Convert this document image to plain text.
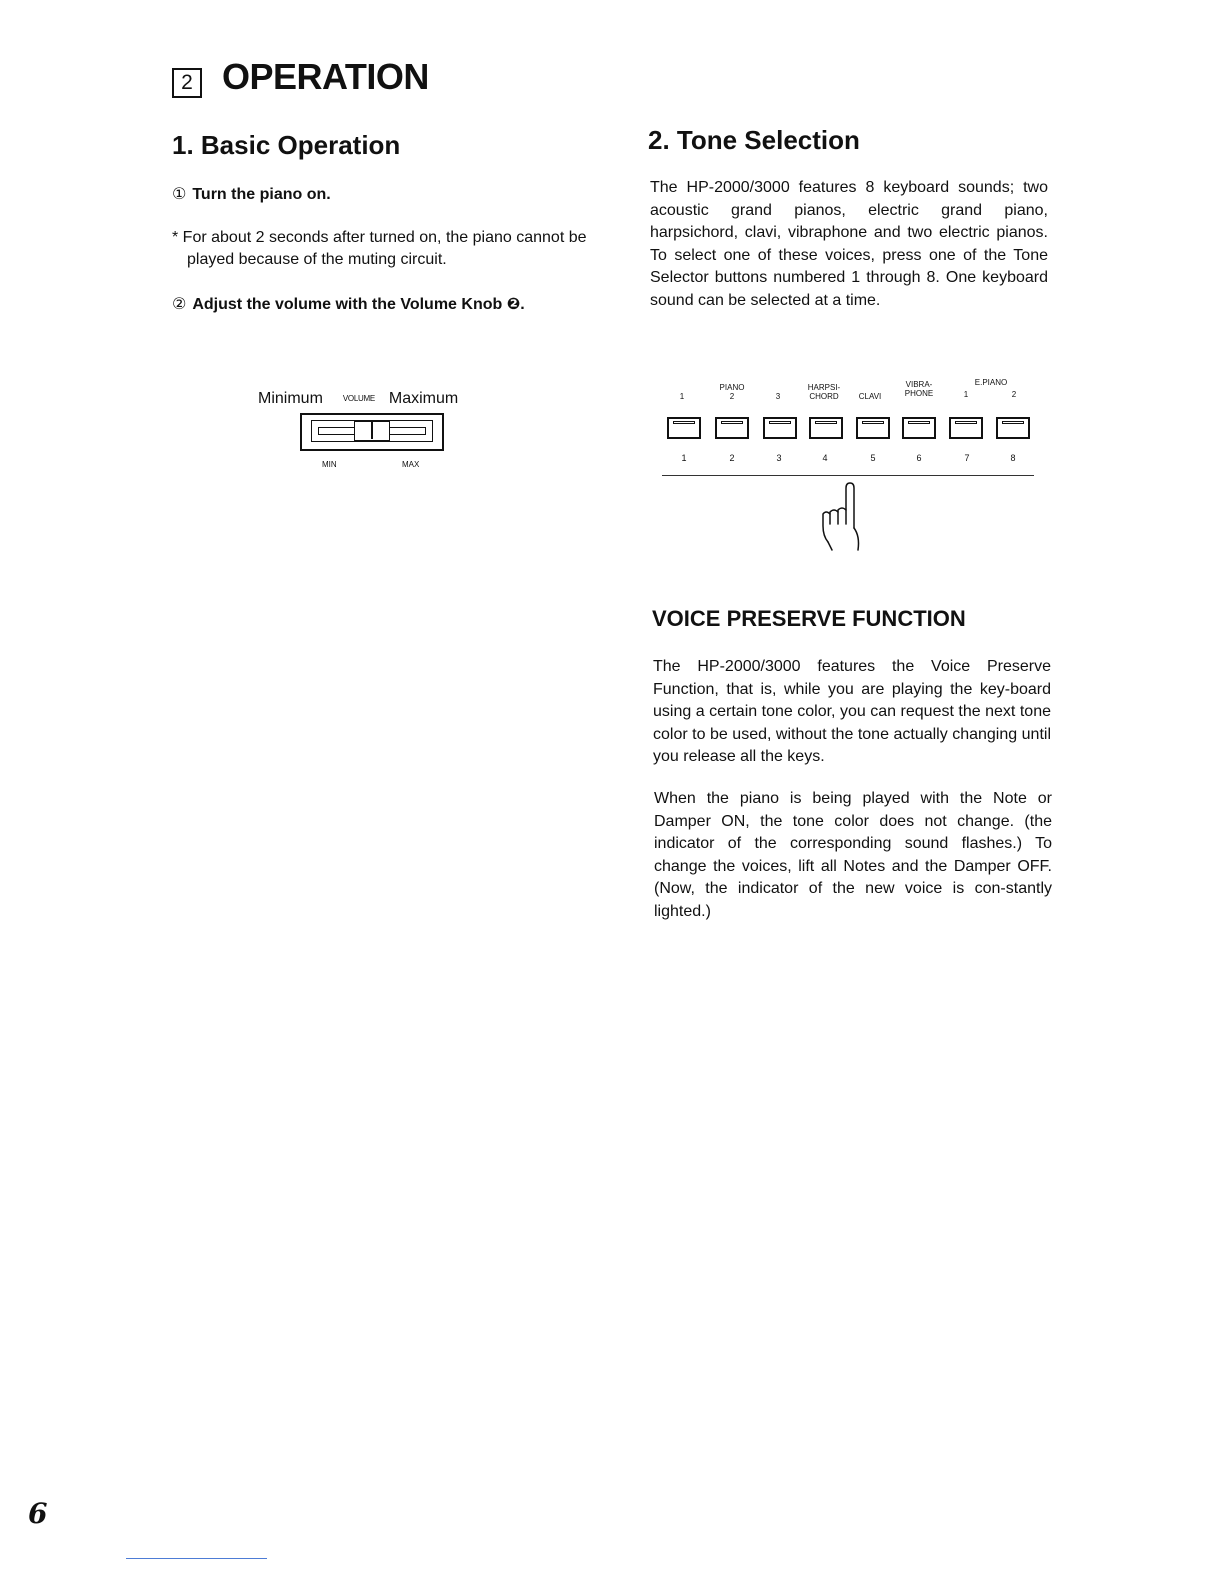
2 OPERATION
1. Basic Operation
① Turn the piano on.
* For about 2 seconds after turned on, the piano cannot be played because of the muting circuit.
② Adjust the volume with the Volume Knob ❷.
Minimum	VOLUME Maximum
MIN	MAX
2. Tone Selection
The HP-2000/3000 features 8 keyboard sounds; two acoustic grand pianos, electric grand piano, harpsichord, clavi, vibraphone and two electric pianos. To select one of these voices, press one of the Tone Selector buttons numbered 1 through 8. One keyboard sound can be selected at a time.
1
PIANO
2	3
HARPSI-
CHORD	CLAVI
VIBRA-
PHONE
E.PIANO
1	2
1	2	3	4	5	6	7	8
VOICE PRESERVE FUNCTION
The HP-2000/3000 features the Voice Preserve Function, that is, while you are playing the key-board using a certain tone color, you can request the next tone color to be used, without the tone actually changing until you release all the keys.
When the piano is being played with the Note or Damper ON, the tone color does not change. (the indicator of the corresponding sound flashes.) To change the voices, lift all Notes and the Damper OFF. (Now, the indicator of the new voice is con-stantly lighted.)
6
